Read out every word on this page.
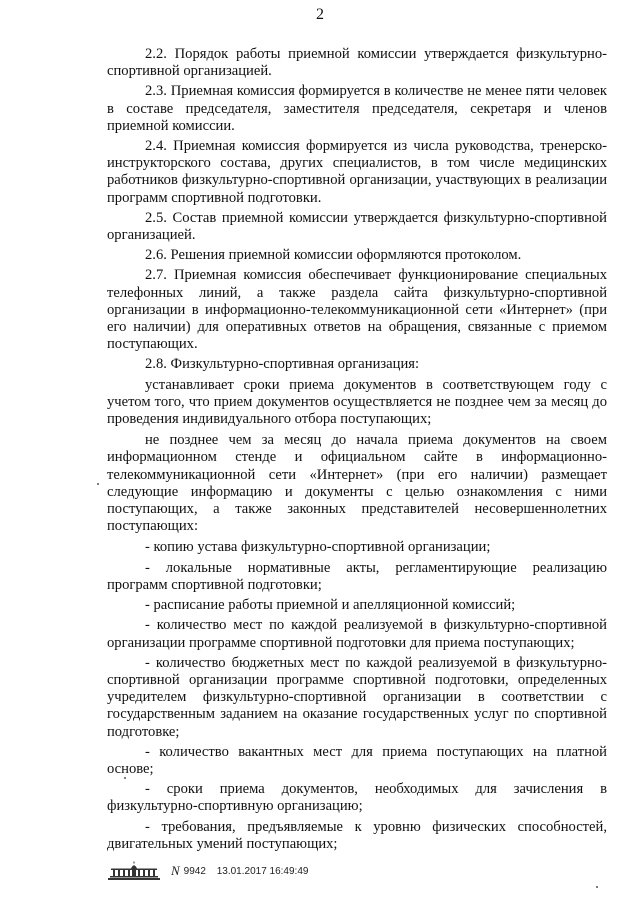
2

2.2. Порядок работы приемной комиссии утверждается физкультурно-спортивной организацией.

2.3. Приемная комиссия формируется в количестве не менее пяти человек в составе председателя, заместителя председателя, секретаря и членов приемной комиссии.

2.4. Приемная комиссия формируется из числа руководства, тренерско-инструкторского состава, других специалистов, в том числе медицинских работников физкультурно-спортивной организации, участвующих в реализации программ спортивной подготовки.

2.5. Состав приемной комиссии утверждается физкультурно-спортивной организацией.

2.6. Решения приемной комиссии оформляются протоколом.

2.7. Приемная комиссия обеспечивает функционирование специальных телефонных линий, а также раздела сайта физкультурно-спортивной организации в информационно-телекоммуникационной сети «Интернет» (при его наличии) для оперативных ответов на обращения, связанные с приемом поступающих.

2.8. Физкультурно-спортивная организация:

устанавливает сроки приема документов в соответствующем году с учетом того, что прием документов осуществляется не позднее чем за месяц до проведения индивидуального отбора поступающих;

не позднее чем за месяц до начала приема документов на своем информационном стенде и официальном сайте в информационно-телекоммуникационной сети «Интернет» (при его наличии) размещает следующие информацию и документы с целью ознакомления с ними поступающих, а также законных представителей несовершеннолетних поступающих:

- копию устава физкультурно-спортивной организации;

- локальные нормативные акты, регламентирующие реализацию программ спортивной подготовки;

- расписание работы приемной и апелляционной комиссий;

- количество мест по каждой реализуемой в физкультурно-спортивной организации программе спортивной подготовки для приема поступающих;

- количество бюджетных мест по каждой реализуемой в физкультурно-спортивной организации программе спортивной подготовки, определенных учредителем физкультурно-спортивной организации в соответствии с государственным заданием на оказание государственных услуг по спортивной подготовке;

- количество вакантных мест для приема поступающих на платной основе;

- сроки приема документов, необходимых для зачисления в физкультурно-спортивную организацию;

- требования, предъявляемые к уровню физических способностей, двигательных умений поступающих;

N 9942 13.01.2017 16:49:49
